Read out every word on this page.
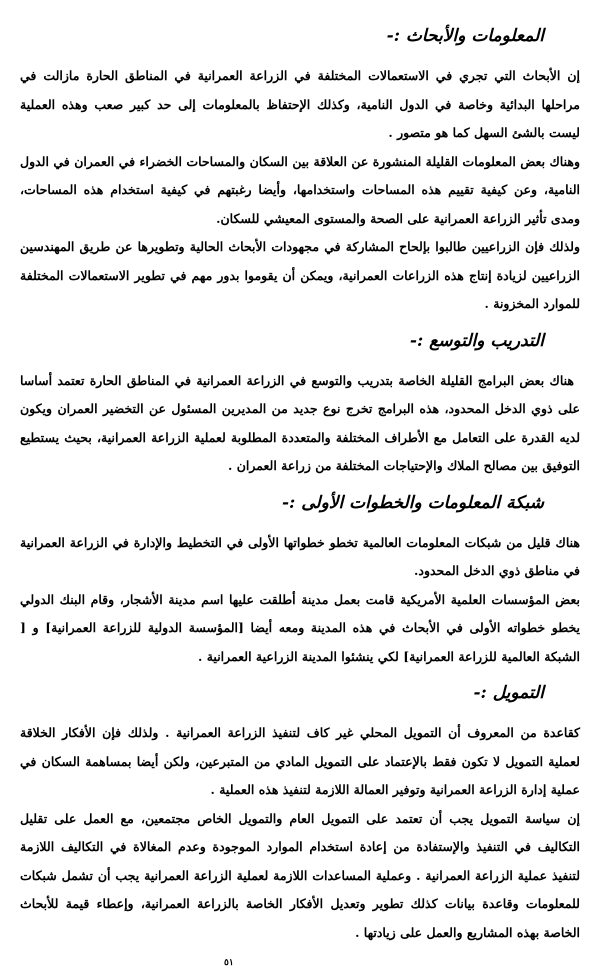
المعلومات والأبحاث :-

إن الأبحاث التي تجري في الاستعمالات المختلفة في الزراعة العمرانية في المناطق الحارة مازالت في مراحلها البدائية وخاصة في الدول النامية، وكذلك الإحتفاظ بالمعلومات إلى حد كبير صعب وهذه العملية ليست بالشئ السهل كما هو متصور .

وهناك بعض المعلومات القليلة المنشورة عن العلاقة بين السكان والمساحات الخضراء في العمران في الدول النامية، وعن كيفية تقييم هذه المساحات واستخدامها، وأيضا رغبتهم في كيفية استخدام هذه المساحات، ومدى تأثير الزراعة العمرانية على الصحة والمستوى المعيشي للسكان.

ولذلك فإن الزراعيين طالبوا بإلحاح المشاركة في مجهودات الأبحاث الحالية وتطويرها عن طريق المهندسين الزراعيين لزيادة إنتاج هذه الزراعات العمرانية، ويمكن أن يقوموا بدور مهم في تطوير الاستعمالات المختلفة للموارد المخزونة .

التدريب والتوسع :-

هناك بعض البرامج القليلة الخاصة بتدريب والتوسع في الزراعة العمرانية في المناطق الحارة تعتمد أساسا على ذوي الدخل المحدود، هذه البرامج تخرج نوع جديد من المديرين المسئول عن التخضير العمران ويكون لديه القدرة على التعامل مع الأطراف المختلفة والمتعددة المطلوبة لعملية الزراعة العمرانية، بحيث يستطيع التوفيق بين مصالح الملاك والإحتياجات المختلفة من زراعة العمران .

شبكة المعلومات والخطوات الأولى :-

هناك قليل من شبكات المعلومات العالمية تخطو خطواتها الأولى في التخطيط والإدارة في الزراعة العمرانية في مناطق ذوي الدخل المحدود.

بعض المؤسسات العلمية الأمريكية قامت بعمل مدينة أطلقت عليها اسم مدينة الأشجار، وقام البنك الدولي يخطو خطواته الأولى في الأبحاث في هذه المدينة ومعه أيضا [المؤسسة الدولية للزراعة العمرانية] و [ الشبكة العالمية للزراعة العمرانية] لكي ينشئوا المدينة الزراعية العمرانية .

التمويل :-

كقاعدة من المعروف أن التمويل المحلي غير كاف لتنفيذ الزراعة العمرانية . ولذلك فإن الأفكار الخلاقة لعملية التمويل لا تكون فقط بالإعتماد على التمويل المادي من المتبرعين، ولكن أيضا بمساهمة السكان في عملية إدارة الزراعة العمرانية وتوفير العمالة اللازمة لتنفيذ هذه العملية .

إن سياسة التمويل يجب أن تعتمد على التمويل العام والتمويل الخاص مجتمعين، مع العمل على تقليل التكاليف في التنفيذ والإستفادة من إعادة استخدام الموارد الموجودة وعدم المغالاة في التكاليف اللازمة لتنفيذ عملية الزراعة العمرانية . وعملية المساعدات اللازمة لعملية الزراعة العمرانية يجب أن تشمل شبكات للمعلومات وقاعدة بيانات كذلك تطوير وتعديل الأفكار الخاصة بالزراعة العمرانية، وإعطاء قيمة للأبحاث الخاصة بهذه المشاريع والعمل على زيادتها .

٥١
